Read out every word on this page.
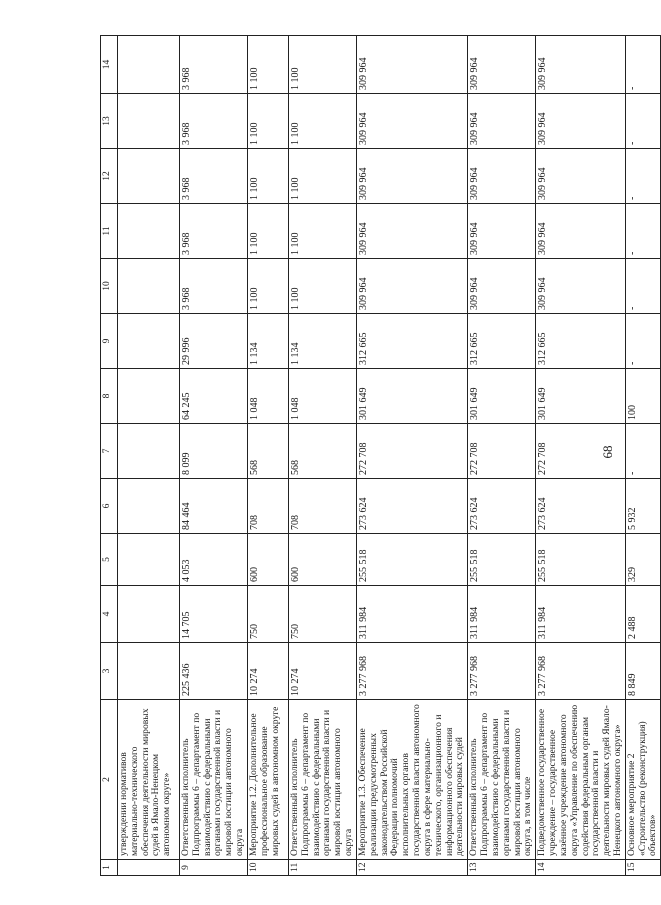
68
1	2	3	4	5	6	7	8	9	10	11	12	13	14
	утверждении нормативов материально-технического обеспечения деятельности мировых судей в Ямало-Ненецком автономном округе»												
9	Ответственный исполнитель Подпрограммы 6 – департамент по взаимодействию с федеральными органами государственной власти и мировой юстиции автономного округа	225 436	14 705	4 053	84 464	8 099	64 245	29 996	3 968	3 968	3 968	3 968	3 968
10	Мероприятие 1.2. Дополнительное профессиональное образование мировых судей в автономном округе	10 274	750	600	708	568	1 048	1 134	1 100	1 100	1 100	1 100	1 100
11	Ответственный исполнитель Подпрограммы 6 – департамент по взаимодействию с федеральными органами государственной власти и мировой юстиции автономного округа	10 274	750	600	708	568	1 048	1 134	1 100	1 100	1 100	1 100	1 100
12	Мероприятие 1.3. Обеспечение реализации предусмотренных законодательством Российской Федерации полномочий исполнительных органов государственной власти автономного округа в сфере материально-технического, организационного и информационного обеспечения деятельности мировых судей	3 277 968	311 984	255 518	273 624	272 708	301 649	312 665	309 964	309 964	309 964	309 964	309 964
13	Ответственный исполнитель Подпрограммы 6 – департамент по взаимодействию с федеральными органами государственной власти и мировой юстиции автономного округа, в том числе	3 277 968	311 984	255 518	273 624	272 708	301 649	312 665	309 964	309 964	309 964	309 964	309 964
14	Подведомственное государственное учреждение – государственное казённое учреждение автономного округа «Управление по обеспечению содействия федеральным органам государственной власти и деятельности мировых судей Ямало-Ненецкого автономного округа»	3 277 968	311 984	255 518	273 624	272 708	301 649	312 665	309 964	309 964	309 964	309 964	309 964
15	Основное мероприятие 2 «Строительство (реконструкция) объектов»	8 849	2 488	329	5 932	-	100	-	-	-	-	-	-
